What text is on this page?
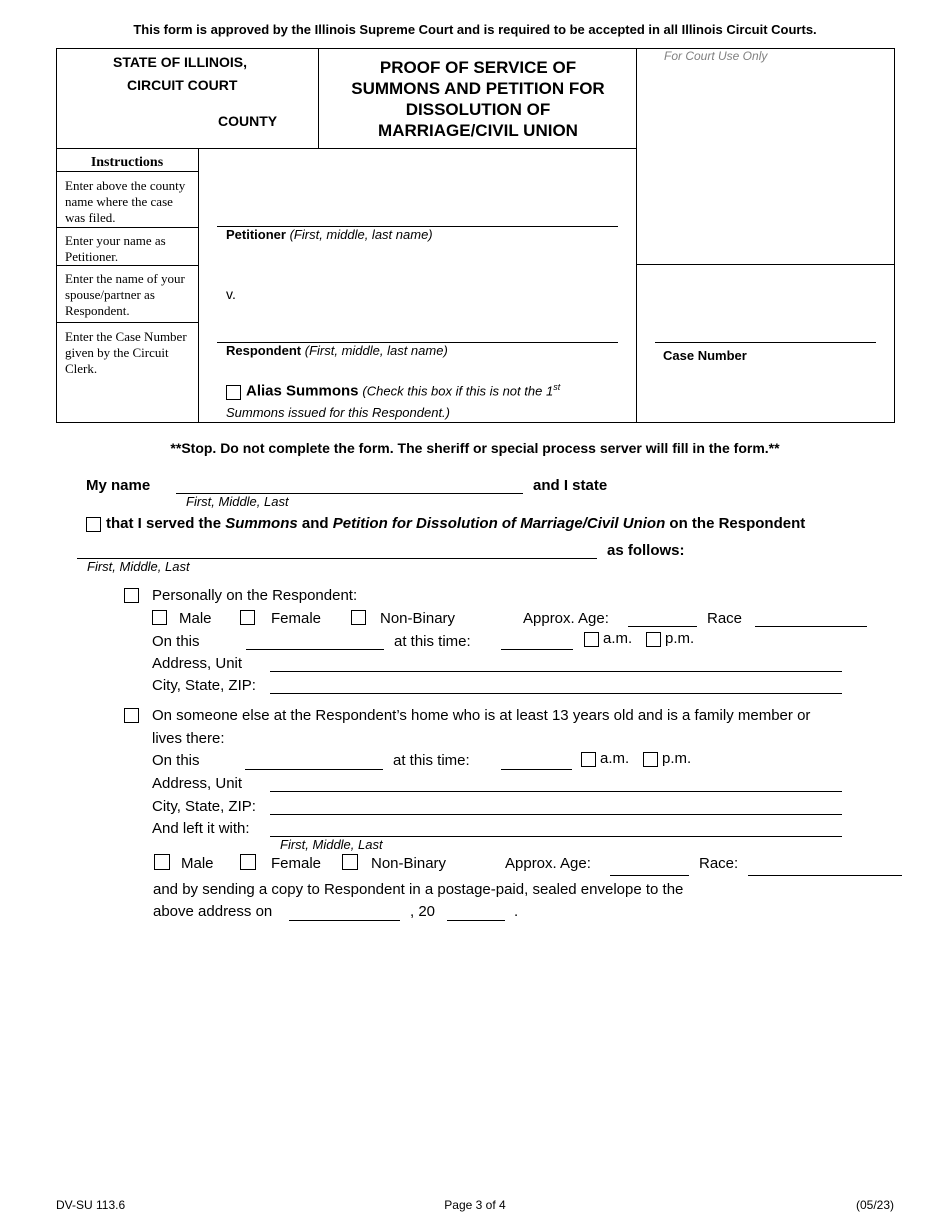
This form is approved by the Illinois Supreme Court and is required to be accepted in all Illinois Circuit Courts.
STATE OF ILLINOIS,
CIRCUIT COURT
COUNTY
PROOF OF SERVICE OF
SUMMONS AND PETITION FOR
DISSOLUTION OF
MARRIAGE/CIVIL UNION
For Court Use Only
Instructions
Enter above the county name where the case was filed.
Enter your name as Petitioner.
Enter the name of your spouse/partner as Respondent.
Enter the Case Number given by the Circuit Clerk.
Petitioner (First, middle, last name)
v.
Respondent (First, middle, last name)
Alias Summons (Check this box if this is not the 1st
Summons issued for this Respondent.)
Case Number
**Stop. Do not complete the form. The sheriff or special process server will fill in the form.**
My name	and I state
First, Middle, Last
that I served the Summons and Petition for Dissolution of Marriage/Civil Union on the Respondent
as follows:
First, Middle, Last
Personally on the Respondent:
Male	Female	Non-Binary	Approx. Age:	Race
On this	at this time:	a.m. p.m.
Address, Unit
City, State, ZIP:
On someone else at the Respondent’s home who is at least 13 years old and is a family member or
lives there:
On this	at this time:	a.m. p.m.
Address, Unit
City, State, ZIP:
And left it with:
First, Middle, Last
Male	Female	Non-Binary	Approx. Age:	Race:
and by sending a copy to Respondent in a postage-paid, sealed envelope to the
above address on	, 20	.
DV-SU 113.6	Page 3 of 4	(05/23)
